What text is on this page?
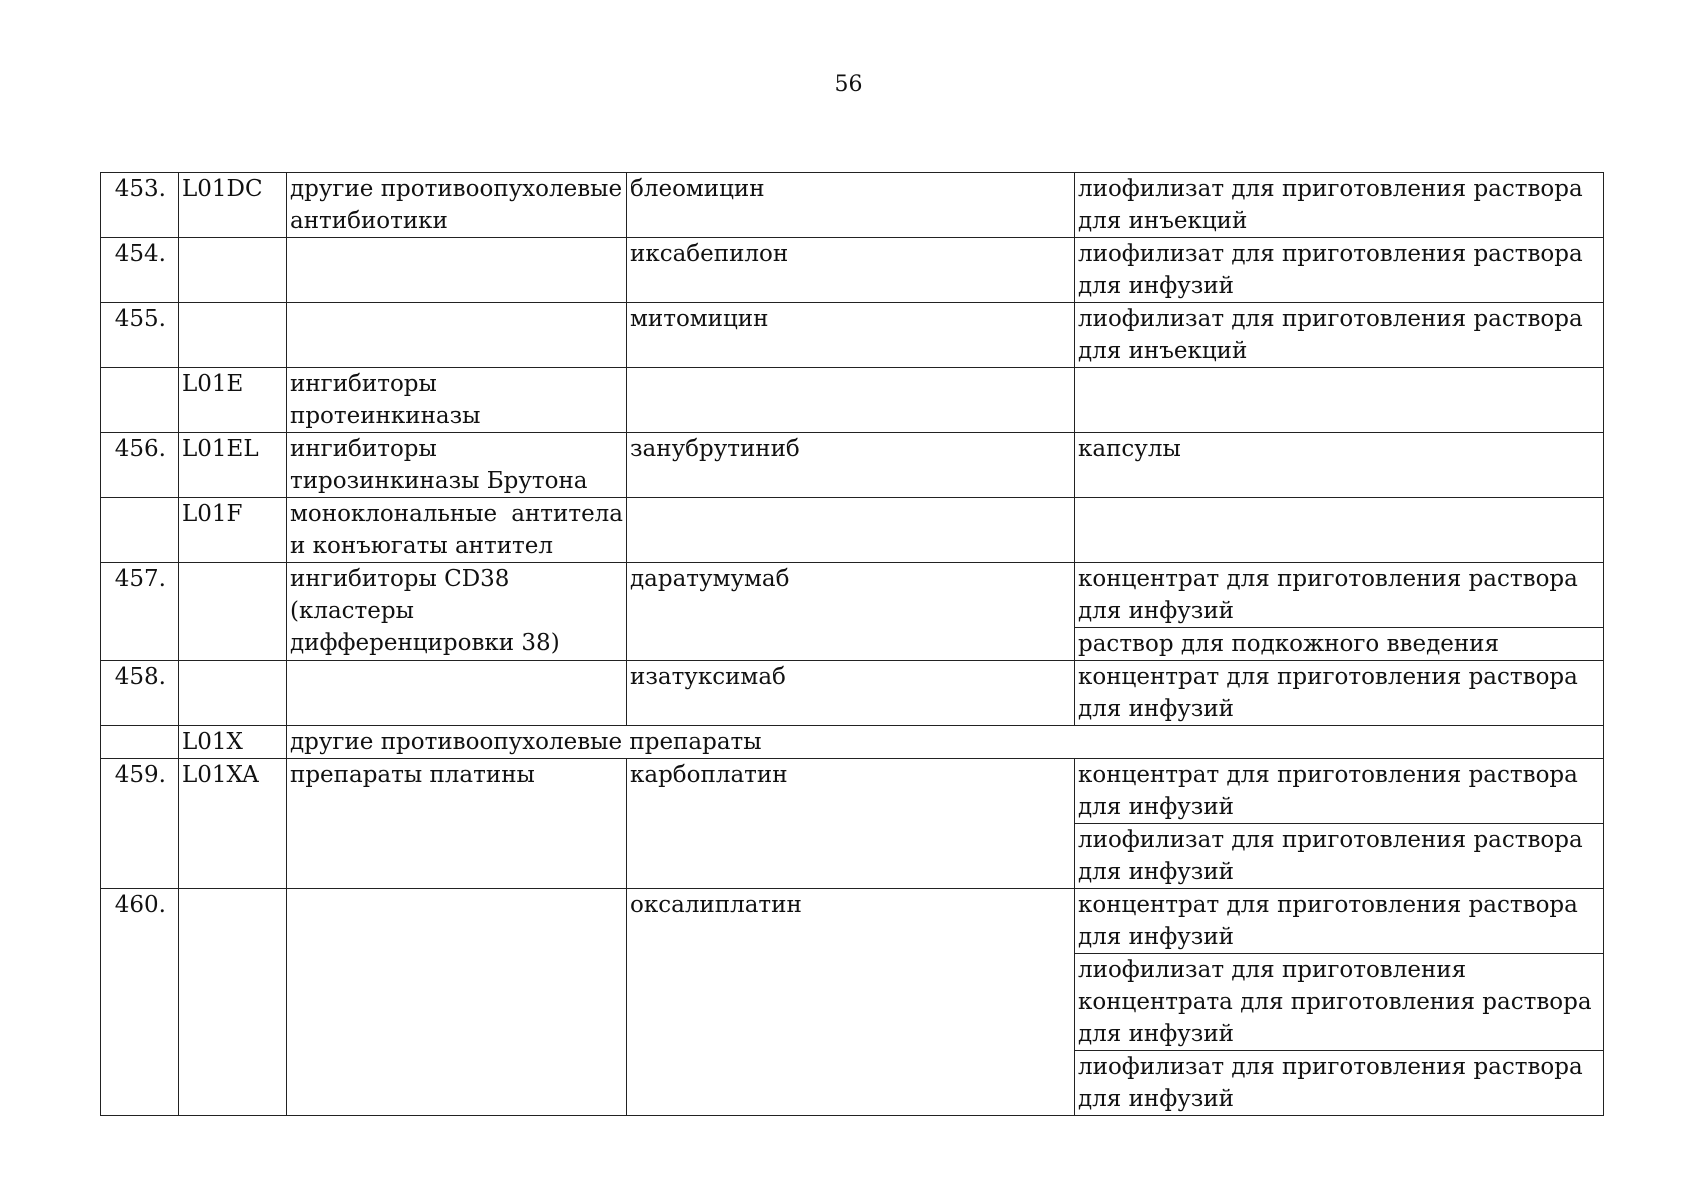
56
453.	L01DC	другие противоопухолевые антибиотики	блеомицин	лиофилизат для приготовления раствора для инъекций
454.			иксабепилон	лиофилизат для приготовления раствора для инфузий
455.			митомицин	лиофилизат для приготовления раствора для инъекций
	L01E	ингибиторы протеинкиназы		
456.	L01EL	ингибиторы тирозинкиназы Брутона	занубрутиниб	капсулы
	L01F	моноклональные антитела и конъюгаты антител		
457.		ингибиторы CD38 (кластеры дифференцировки 38)	даратумумаб	концентрат для приготовления раствора для инфузий
				раствор для подкожного введения
458.			изатуксимаб	концентрат для приготовления раствора для инфузий
	L01X	другие противоопухолевые препараты		
459.	L01XA	препараты платины	карбоплатин	концентрат для приготовления раствора для инфузий
				лиофилизат для приготовления раствора для инфузий
460.			оксалиплатин	концентрат для приготовления раствора для инфузий
				лиофилизат для приготовления концентрата для приготовления раствора для инфузий
				лиофилизат для приготовления раствора для инфузий
